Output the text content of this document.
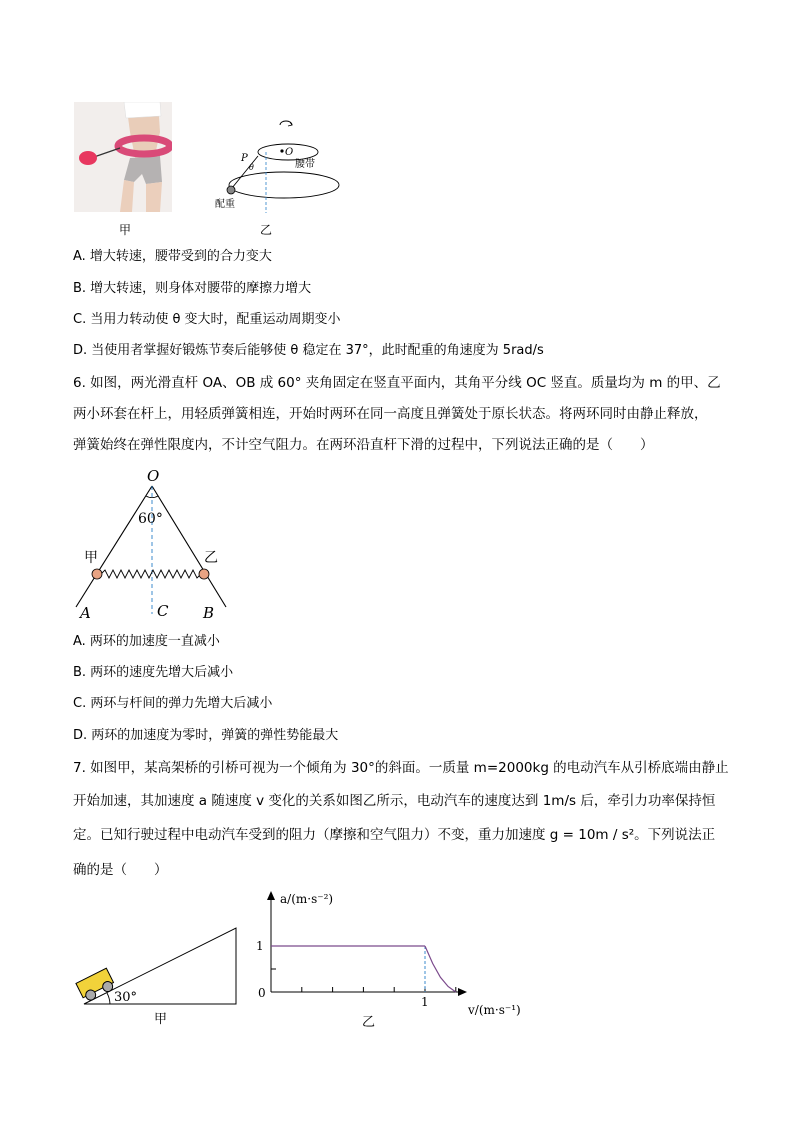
O
P
θ	腰带
配重
甲	乙
A. 增大转速，腰带受到的合力变大
B. 增大转速，则身体对腰带的摩擦力增大
C. 当用力转动使 θ 变大时，配重运动周期变小
D. 当使用者掌握好锻炼节奏后能够使 θ 稳定在 37°，此时配重的角速度为 5rad/s
6. 如图，两光滑直杆 OA、OB 成 60° 夹角固定在竖直平面内，其角平分线 OC 竖直。质量均为 m 的甲、乙
两小环套在杆上，用轻质弹簧相连，开始时两环在同一高度且弹簧处于原长状态。将两环同时由静止释放，
弹簧始终在弹性限度内，不计空气阻力。在两环沿直杆下滑的过程中，下列说法正确的是（　　）
O
60°
甲	乙
A	C B
A. 两环的加速度一直减小
B. 两环的速度先增大后减小
C. 两环与杆间的弹力先增大后减小
D. 两环的加速度为零时，弹簧的弹性势能最大
7. 如图甲，某高架桥的引桥可视为一个倾角为 30°的斜面。一质量 m=2000kg 的电动汽车从引桥底端由静止
开始加速，其加速度 a 随速度 v 变化的关系如图乙所示，电动汽车的速度达到 1m/s 后，牵引力功率保持恒
定。已知行驶过程中电动汽车受到的阻力（摩擦和空气阻力）不变，重力加速度 g = 10m / s²。下列说法正
确的是（　　）
30°
甲
a/(m·s⁻²)
v/(m·s⁻¹)
1
0
1
乙
